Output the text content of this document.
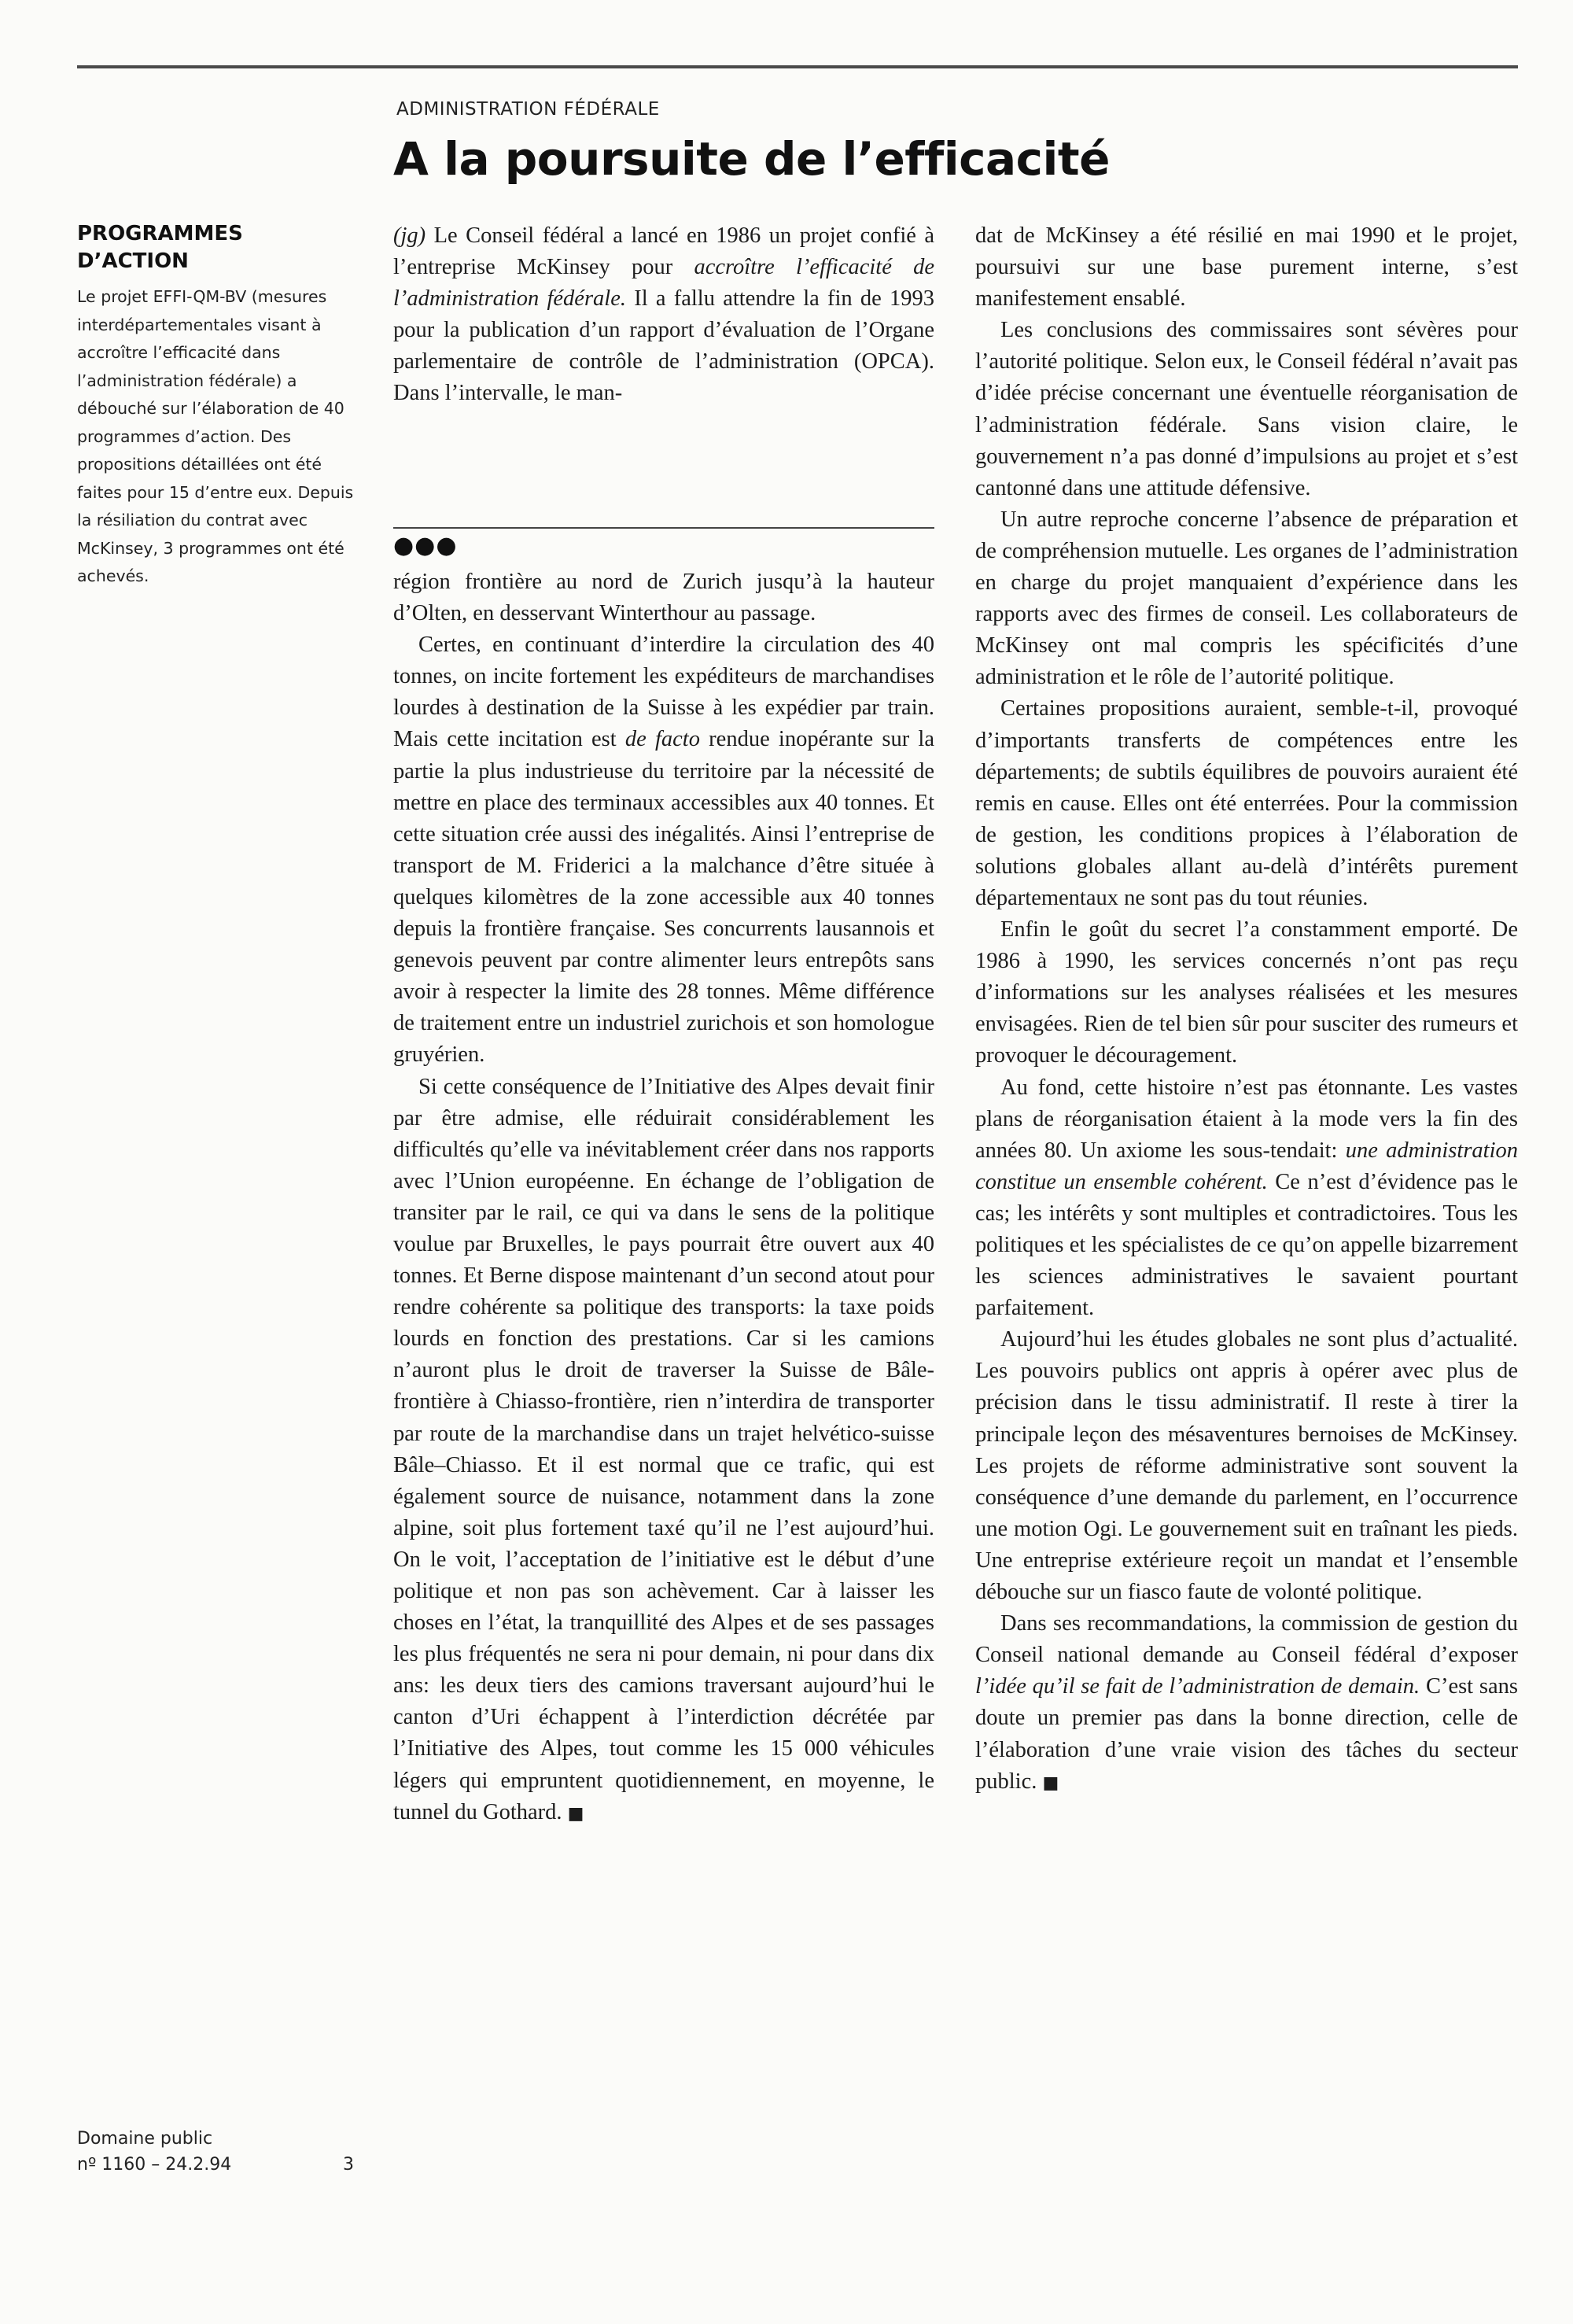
ADMINISTRATION FÉDÉRALE
A la poursuite de l’efficacité

PROGRAMMES
D’ACTION

Le projet EFFI-QM-BV (mesures interdépartementales visant à accroître l’efficacité dans l’administration fédérale) a débouché sur l’élaboration de 40 programmes d’action. Des propositions détaillées ont été faites pour 15 d’entre eux. Depuis la résiliation du contrat avec McKinsey, 3 programmes ont été achevés.

(jg) Le Conseil fédéral a lancé en 1986 un projet confié à l’entreprise McKinsey pour accroître l’efficacité de l’administration fédérale. Il a fallu attendre la fin de 1993 pour la publication d’un rapport d’évaluation de l’Organe parlementaire de contrôle de l’administration (OPCA). Dans l’intervalle, le man-

●●●

région frontière au nord de Zurich jusqu’à la hauteur d’Olten, en desservant Winterthour au passage.

Certes, en continuant d’interdire la circulation des 40 tonnes, on incite fortement les expéditeurs de marchandises lourdes à destination de la Suisse à les expédier par train. Mais cette incitation est de facto rendue inopérante sur la partie la plus industrieuse du territoire par la nécessité de mettre en place des terminaux accessibles aux 40 tonnes. Et cette situation crée aussi des inégalités. Ainsi l’entreprise de transport de M. Friderici a la malchance d’être située à quelques kilomètres de la zone accessible aux 40 tonnes depuis la frontière française. Ses concurrents lausannois et genevois peuvent par contre alimenter leurs entrepôts sans avoir à respecter la limite des 28 tonnes. Même différence de traitement entre un industriel zurichois et son homologue gruyérien.

Si cette conséquence de l’Initiative des Alpes devait finir par être admise, elle réduirait considérablement les difficultés qu’elle va inévitablement créer dans nos rapports avec l’Union européenne. En échange de l’obligation de transiter par le rail, ce qui va dans le sens de la politique voulue par Bruxelles, le pays pourrait être ouvert aux 40 tonnes. Et Berne dispose maintenant d’un second atout pour rendre cohérente sa politique des transports: la taxe poids lourds en fonction des prestations. Car si les camions n’auront plus le droit de traverser la Suisse de Bâle-frontière à Chiasso-frontière, rien n’interdira de transporter par route de la marchandise dans un trajet helvético-suisse Bâle–Chiasso. Et il est normal que ce trafic, qui est également source de nuisance, notamment dans la zone alpine, soit plus fortement taxé qu’il ne l’est aujourd’hui. On le voit, l’acceptation de l’initiative est le début d’une politique et non pas son achèvement. Car à laisser les choses en l’état, la tranquillité des Alpes et de ses passages les plus fréquentés ne sera ni pour demain, ni pour dans dix ans: les deux tiers des camions traversant aujourd’hui le canton d’Uri échappent à l’interdiction décrétée par l’Initiative des Alpes, tout comme les 15 000 véhicules légers qui empruntent quotidiennement, en moyenne, le tunnel du Gothard. ■

dat de McKinsey a été résilié en mai 1990 et le projet, poursuivi sur une base purement interne, s’est manifestement ensablé.

Les conclusions des commissaires sont sévères pour l’autorité politique. Selon eux, le Conseil fédéral n’avait pas d’idée précise concernant une éventuelle réorganisation de l’administration fédérale. Sans vision claire, le gouvernement n’a pas donné d’impulsions au projet et s’est cantonné dans une attitude défensive.

Un autre reproche concerne l’absence de préparation et de compréhension mutuelle. Les organes de l’administration en charge du projet manquaient d’expérience dans les rapports avec des firmes de conseil. Les collaborateurs de McKinsey ont mal compris les spécificités d’une administration et le rôle de l’autorité politique.

Certaines propositions auraient, semble-t-il, provoqué d’importants transferts de compétences entre les départements; de subtils équilibres de pouvoirs auraient été remis en cause. Elles ont été enterrées. Pour la commission de gestion, les conditions propices à l’élaboration de solutions globales allant au-delà d’intérêts purement départementaux ne sont pas du tout réunies.

Enfin le goût du secret l’a constamment emporté. De 1986 à 1990, les services concernés n’ont pas reçu d’informations sur les analyses réalisées et les mesures envisagées. Rien de tel bien sûr pour susciter des rumeurs et provoquer le découragement.

Au fond, cette histoire n’est pas étonnante. Les vastes plans de réorganisation étaient à la mode vers la fin des années 80. Un axiome les sous-tendait: une administration constitue un ensemble cohérent. Ce n’est d’évidence pas le cas; les intérêts y sont multiples et contradictoires. Tous les politiques et les spécialistes de ce qu’on appelle bizarrement les sciences administratives le savaient pourtant parfaitement.

Aujourd’hui les études globales ne sont plus d’actualité. Les pouvoirs publics ont appris à opérer avec plus de précision dans le tissu administratif. Il reste à tirer la principale leçon des mésaventures bernoises de McKinsey. Les projets de réforme administrative sont souvent la conséquence d’une demande du parlement, en l’occurrence une motion Ogi. Le gouvernement suit en traînant les pieds. Une entreprise extérieure reçoit un mandat et l’ensemble débouche sur un fiasco faute de volonté politique.

Dans ses recommandations, la commission de gestion du Conseil national demande au Conseil fédéral d’exposer l’idée qu’il se fait de l’administration de demain. C’est sans doute un premier pas dans la bonne direction, celle de l’élaboration d’une vraie vision des tâches du secteur public. ■

Domaine public
nº 1160 – 24.2.94	3
